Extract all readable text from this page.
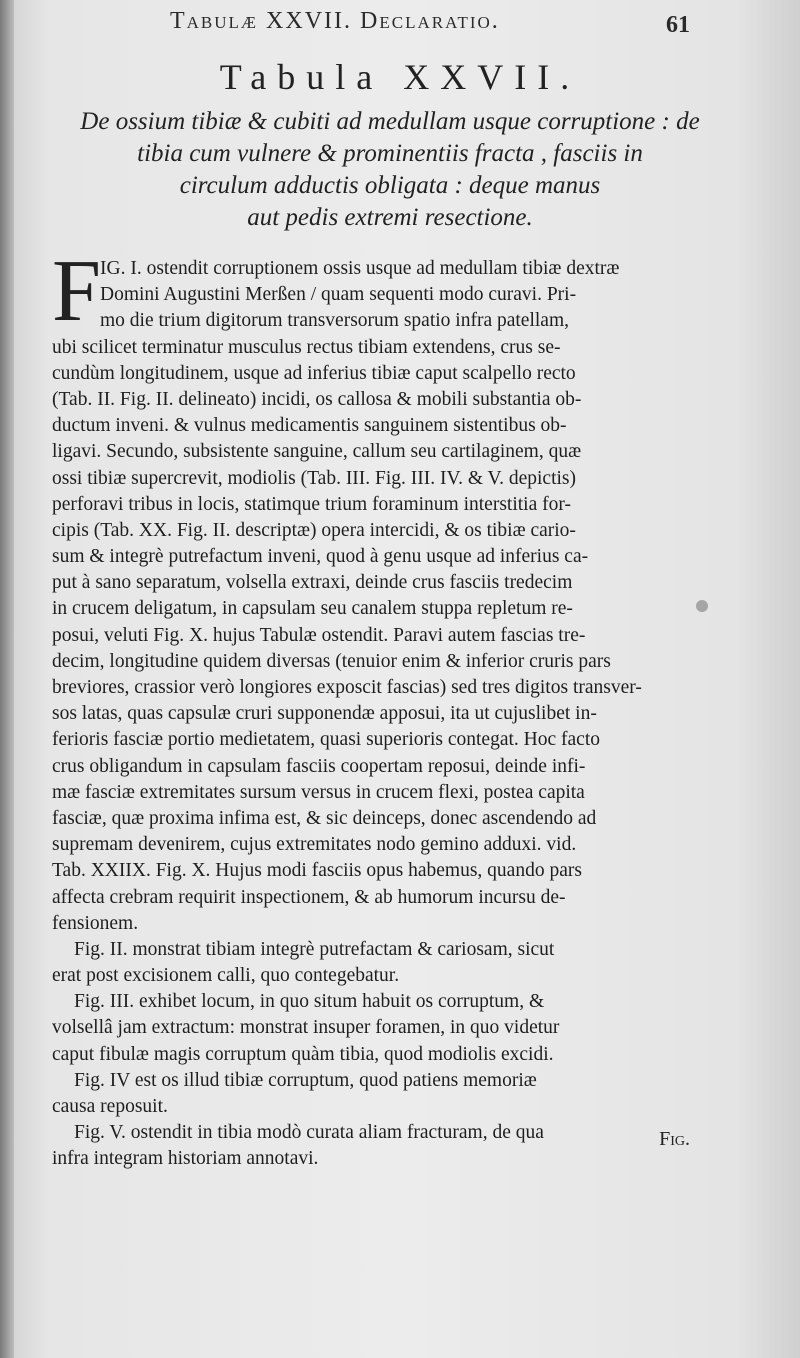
Tabulæ XXVII. Declaratio.	61
Tabula XXVII.
De ossium tibiæ & cubiti ad medullam usque corruptione : de
tibia cum vulnere & prominentiis fracta , fasciis in
circulum adductis obligata : deque manus
aut pedis extremi resectione.
F IG. I. ostendit corruptionem ossis usque ad medullam tibiæ dextræ
Domini Augustini Merßen / quam sequenti modo curavi. Pri-
mo die trium digitorum transversorum spatio infra patellam,
ubi scilicet terminatur musculus rectus tibiam extendens, crus se-
cundùm longitudinem, usque ad inferius tibiæ caput scalpello recto
(Tab. II. Fig. II. delineato) incidi, os callosa & mobili substantia ob-
ductum inveni. & vulnus medicamentis sanguinem sistentibus ob-
ligavi. Secundo, subsistente sanguine, callum seu cartilaginem, quæ
ossi tibiæ supercrevit, modiolis (Tab. III. Fig. III. IV. & V. depictis)
perforavi tribus in locis, statimque trium foraminum interstitia for-
cipis (Tab. XX. Fig. II. descriptæ) opera intercidi, & os tibiæ cario-
sum & integrè putrefactum inveni, quod à genu usque ad inferius ca-
put à sano separatum, volsella extraxi, deinde crus fasciis tredecim
in crucem deligatum, in capsulam seu canalem stuppa repletum re-
posui, veluti Fig. X. hujus Tabulæ ostendit. Paravi autem fascias tre-
decim, longitudine quidem diversas (tenuior enim & inferior cruris pars
breviores, crassior verò longiores exposcit fascias) sed tres digitos transver-
sos latas, quas capsulæ cruri supponendæ apposui, ita ut cujuslibet in-
ferioris fasciæ portio medietatem, quasi superioris contegat. Hoc facto
crus obligandum in capsulam fasciis coopertam reposui, deinde infi-
mæ fasciæ extremitates sursum versus in crucem flexi, postea capita
fasciæ, quæ proxima infima est, & sic deinceps, donec ascendendo ad
supremam devenirem, cujus extremitates nodo gemino adduxi. vid.
Tab. XXIIX. Fig. X. Hujus modi fasciis opus habemus, quando pars
affecta crebram requirit inspectionem, & ab humorum incursu de-
fensionem.
Fig. II. monstrat tibiam integrè putrefactam & cariosam, sicut
erat post excisionem calli, quo contegebatur.
Fig. III. exhibet locum, in quo situm habuit os corruptum, &
volsellâ jam extractum: monstrat insuper foramen, in quo videtur
caput fibulæ magis corruptum quàm tibia, quod modiolis excidi.
Fig. IV est os illud tibiæ corruptum, quod patiens memoriæ
causa reposuit.
Fig. V. ostendit in tibia modò curata aliam fracturam, de qua
infra integram historiam annotavi.
Fig.
